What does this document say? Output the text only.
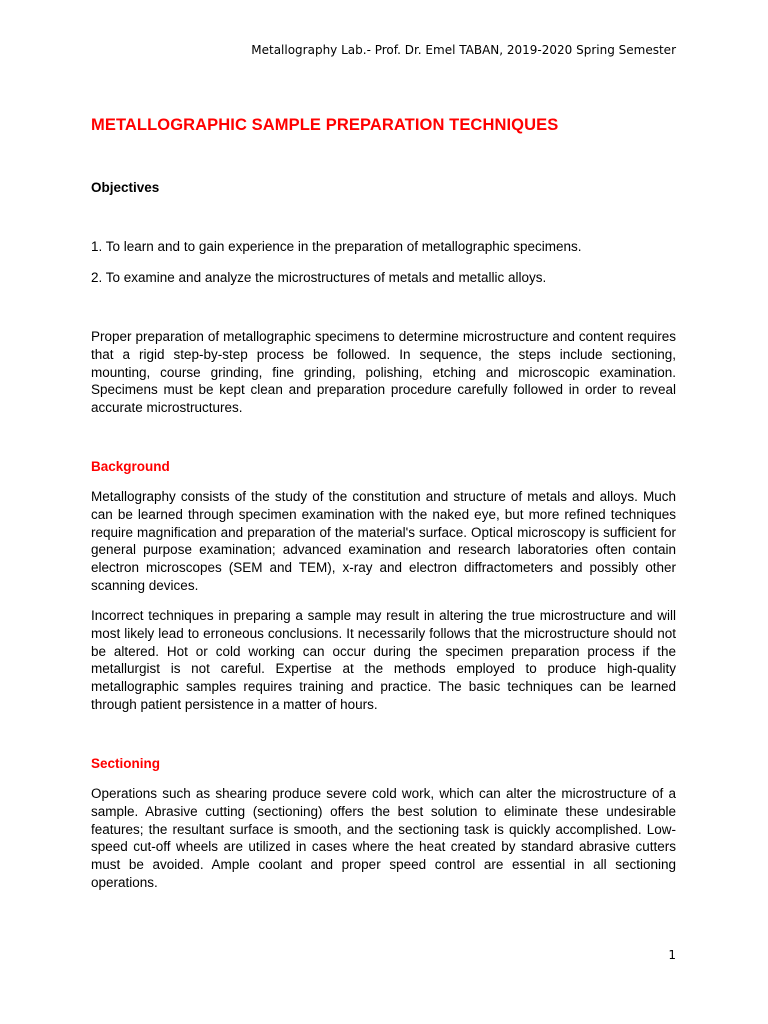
Metallography Lab.- Prof. Dr. Emel TABAN, 2019-2020 Spring Semester
METALLOGRAPHIC SAMPLE PREPARATION TECHNIQUES
Objectives
1. To learn and to gain experience in the preparation of metallographic specimens.
2. To examine and analyze the microstructures of metals and metallic alloys.

Proper preparation of metallographic specimens to determine microstructure and content requires that a rigid step-by-step process be followed. In sequence, the steps include sectioning, mounting, course grinding, fine grinding, polishing, etching and microscopic examination. Specimens must be kept clean and preparation procedure carefully followed in order to reveal accurate microstructures.

Background

Metallography consists of the study of the constitution and structure of metals and alloys. Much can be learned through specimen examination with the naked eye, but more refined techniques require magnification and preparation of the material's surface. Optical microscopy is sufficient for general purpose examination; advanced examination and research laboratories often contain electron microscopes (SEM and TEM), x-ray and electron diffractometers and possibly other scanning devices.

Incorrect techniques in preparing a sample may result in altering the true microstructure and will most likely lead to erroneous conclusions. It necessarily follows that the microstructure should not be altered. Hot or cold working can occur during the specimen preparation process if the metallurgist is not careful. Expertise at the methods employed to produce high-quality metallographic samples requires training and practice. The basic techniques can be learned through patient persistence in a matter of hours.

Sectioning

Operations such as shearing produce severe cold work, which can alter the microstructure of a sample. Abrasive cutting (sectioning) offers the best solution to eliminate these undesirable features; the resultant surface is smooth, and the sectioning task is quickly accomplished. Low-speed cut-off wheels are utilized in cases where the heat created by standard abrasive cutters must be avoided. Ample coolant and proper speed control are essential in all sectioning operations.

1
